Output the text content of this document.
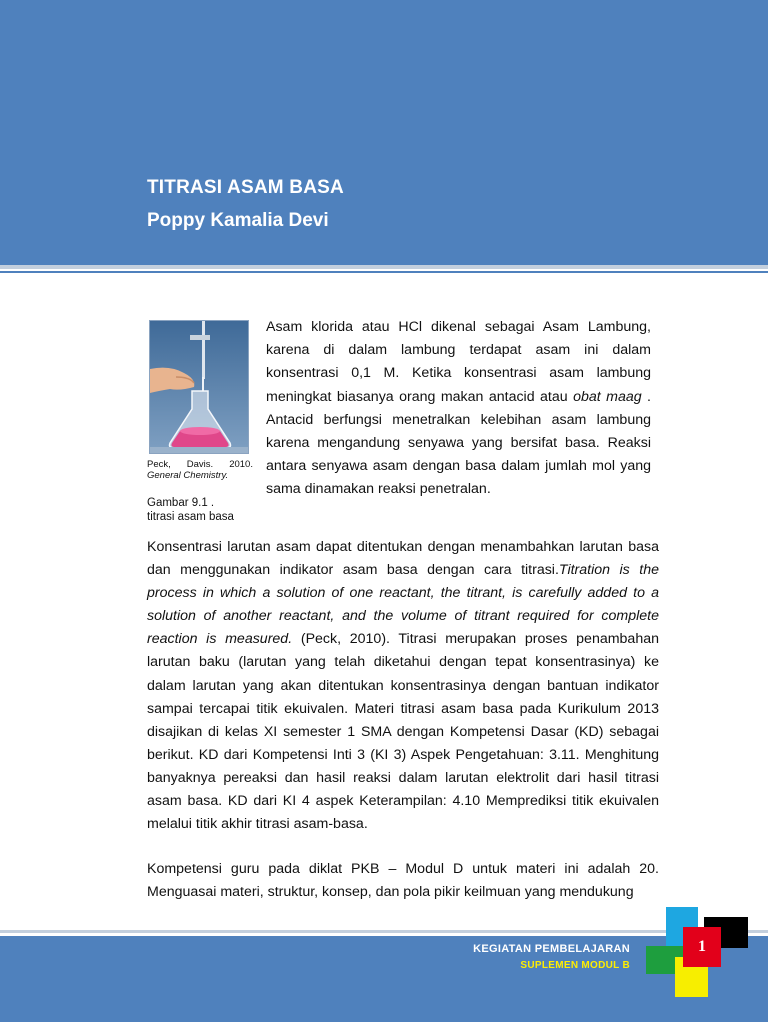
TITRASI ASAM BASA
Poppy Kamalia Devi
Peck, Davis. 2010.
General Chemistry.
Gambar 9.1 .
titrasi asam basa

Asam klorida atau HCl dikenal sebagai Asam Lambung, karena di dalam lambung terdapat asam ini dalam konsentrasi 0,1 M. Ketika konsentrasi asam lambung meningkat biasanya orang makan antacid atau obat maag . Antacid berfungsi menetralkan kelebihan asam lambung karena mengandung senyawa yang bersifat basa. Reaksi antara senyawa asam dengan basa dalam jumlah mol yang sama dinamakan reaksi penetralan.

Konsentrasi larutan asam dapat ditentukan dengan menambahkan larutan basa dan menggunakan indikator asam basa dengan cara titrasi.Titration is the process in which a solution of one reactant, the titrant, is carefully added to a solution of another reactant, and the volume of titrant required for complete reaction is measured. (Peck, 2010). Titrasi merupakan proses penambahan larutan baku (larutan yang telah diketahui dengan tepat konsentrasinya) ke dalam larutan yang akan ditentukan konsentrasinya dengan bantuan indikator sampai tercapai titik ekuivalen. Materi titrasi asam basa pada Kurikulum 2013 disajikan di kelas XI semester 1 SMA dengan Kompetensi Dasar (KD) sebagai berikut. KD dari Kompetensi Inti 3 (KI 3) Aspek Pengetahuan: 3.11. Menghitung banyaknya pereaksi dan hasil reaksi dalam larutan elektrolit dari hasil titrasi asam basa. KD dari KI 4 aspek Keterampilan: 4.10 Memprediksi titik ekuivalen melalui titik akhir titrasi asam-basa.

Kompetensi guru pada diklat PKB – Modul D untuk materi ini adalah 20. Menguasai materi, struktur, konsep, dan pola pikir keilmuan yang mendukung

KEGIATAN PEMBELAJARAN
SUPLEMEN MODUL B
1
